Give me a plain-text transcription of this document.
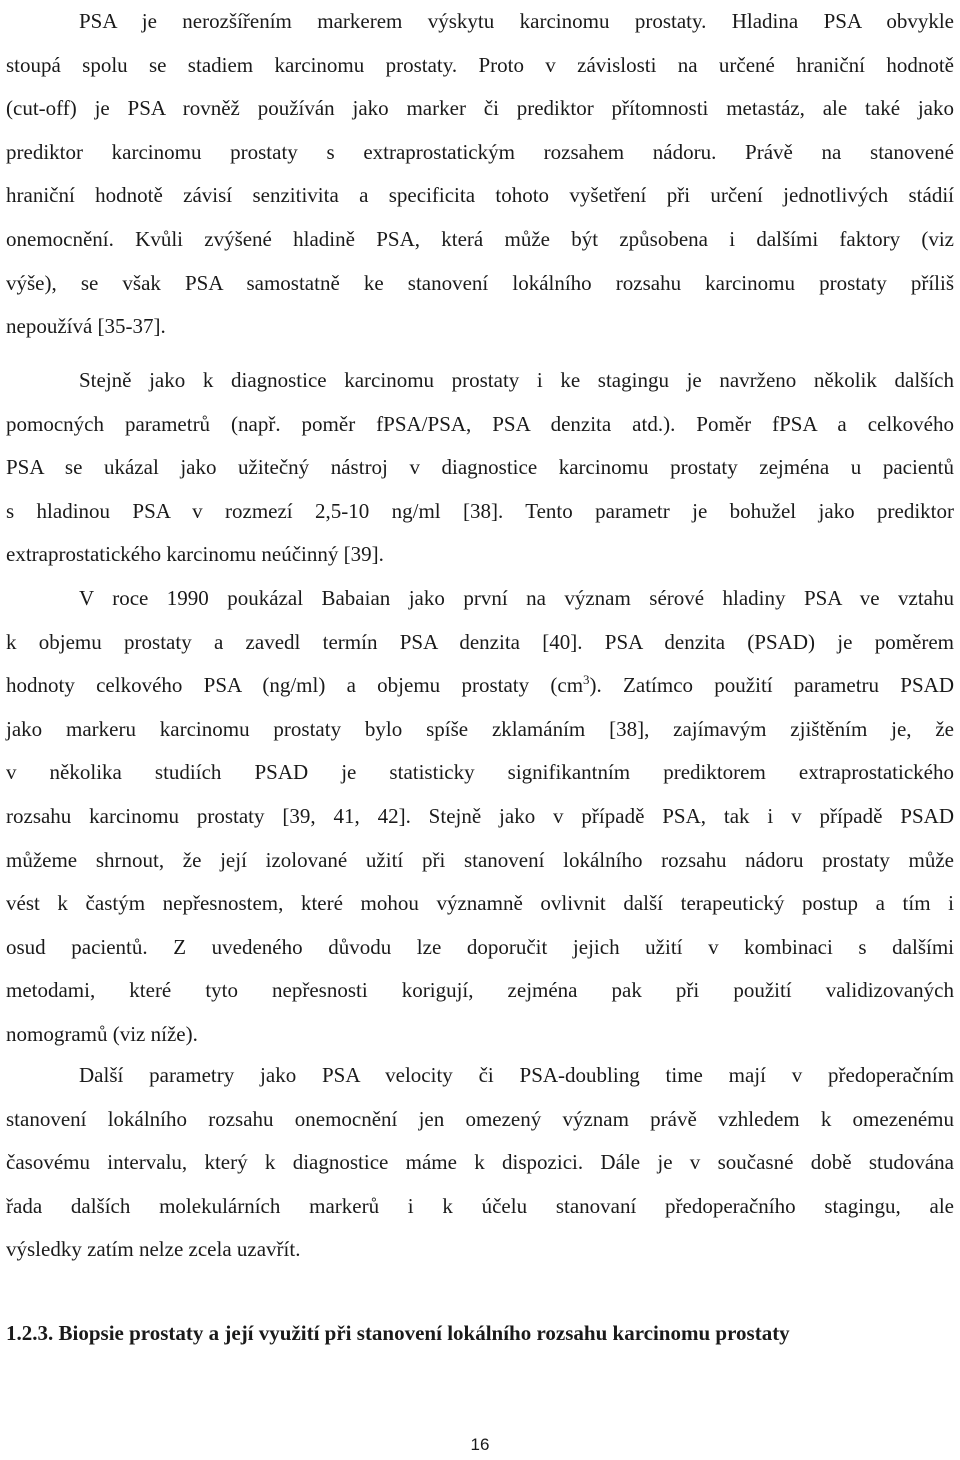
PSA je nerozšířením markerem výskytu karcinomu prostaty. Hladina PSA obvykle
stoupá spolu se stadiem karcinomu prostaty. Proto v závislosti na určené hraniční hodnotě
(cut-off) je PSA rovněž používán jako marker či prediktor přítomnosti metastáz, ale také jako
prediktor karcinomu prostaty s extraprostatickým rozsahem nádoru. Právě na stanovené
hraniční hodnotě závisí senzitivita a specificita tohoto vyšetření při určení jednotlivých stádií
onemocnění. Kvůli zvýšené hladině PSA, která může být způsobena i dalšími faktory (viz
výše), se však PSA samostatně ke stanovení lokálního rozsahu karcinomu prostaty příliš
nepoužívá [35-37].
Stejně jako k diagnostice karcinomu prostaty i ke stagingu je navrženo několik dalších
pomocných parametrů (např. poměr fPSA/PSA, PSA denzita atd.). Poměr fPSA a celkového
PSA se ukázal jako užitečný nástroj v diagnostice karcinomu prostaty zejména u pacientů
s hladinou PSA v rozmezí 2,5-10 ng/ml [38]. Tento parametr je bohužel jako prediktor
extraprostatického karcinomu neúčinný [39].
V roce 1990 poukázal Babaian jako první na význam sérové hladiny PSA ve vztahu
k objemu prostaty a zavedl termín PSA denzita [40]. PSA denzita (PSAD) je poměrem
hodnoty celkového PSA (ng/ml) a objemu prostaty $(cm^3)$. Zatímco použití parametru PSAD
jako markeru karcinomu prostaty bylo spíše zklamáním [38], zajímavým zjištěním je, že
v několika studiích PSAD je statisticky signifikantním prediktorem extraprostatického
rozsahu karcinomu prostaty [39, 41, 42]. Stejně jako v případě PSA, tak i v případě PSAD
můžeme shrnout, že její izolované užití při stanovení lokálního rozsahu nádoru prostaty může
vést k častým nepřesnostem, které mohou významně ovlivnit další terapeutický postup a tím i
osud pacientů. Z uvedeného důvodu lze doporučit jejich užití v kombinaci s dalšími
metodami, které tyto nepřesnosti korigují, zejména pak při použití validizovaných
nomogramů (viz níže).
Další parametry jako PSA velocity či PSA-doubling time mají v předoperačním
stanovení lokálního rozsahu onemocnění jen omezený význam právě vzhledem k omezenému
časovému intervalu, který k diagnostice máme k dispozici. Dále je v současné době studována
řada dalších molekulárních markerů i k účelu stanovaní předoperačního stagingu, ale
výsledky zatím nelze zcela uzavřít.
1.2.3. Biopsie prostaty a její využití při stanovení lokálního rozsahu karcinomu prostaty
16
